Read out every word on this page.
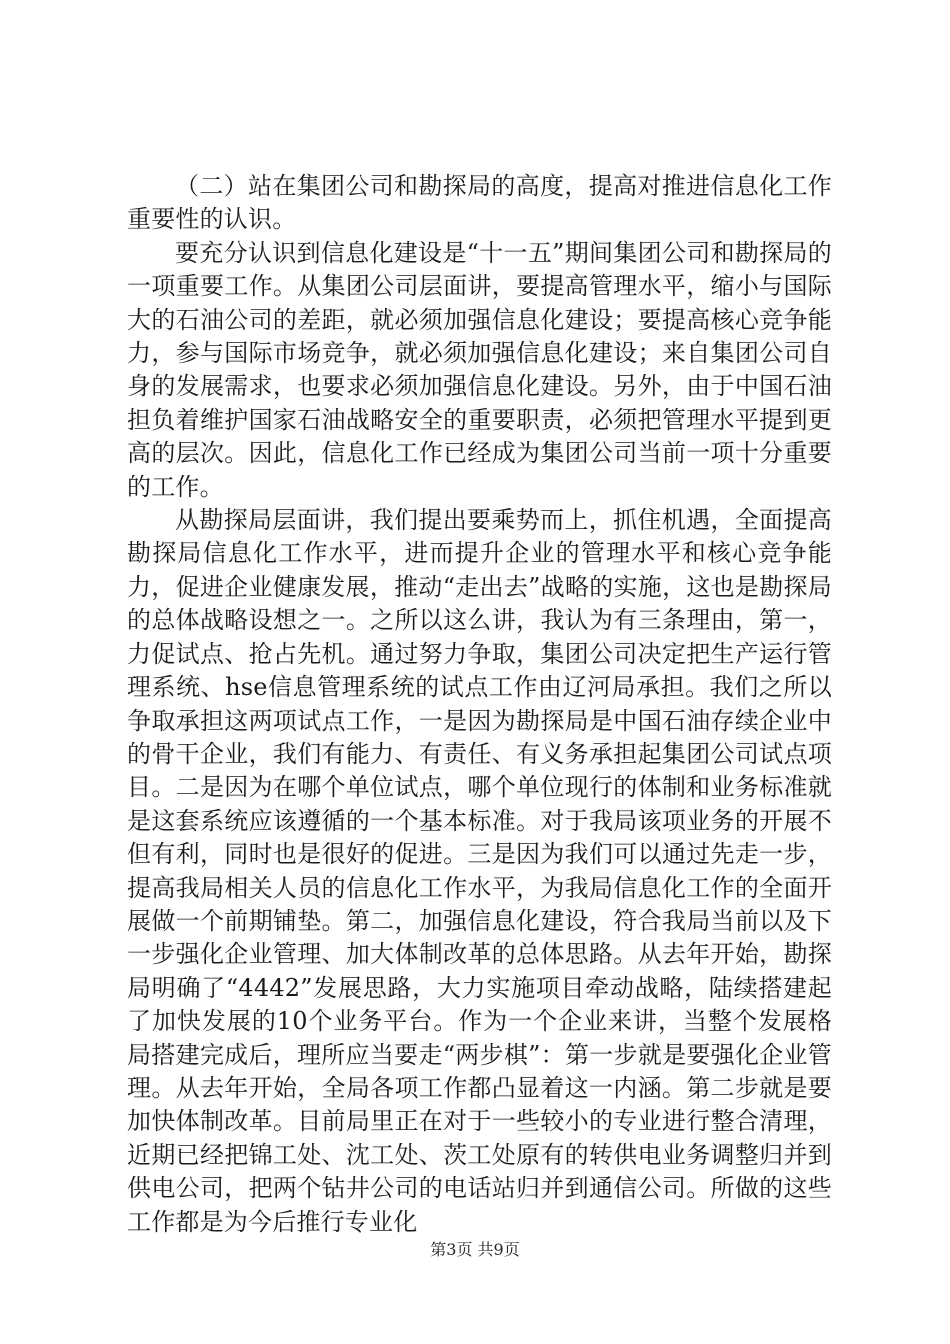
（二）站在集团公司和勘探局的高度，提高对推进信息化工作重要性的认识。

要充分认识到信息化建设是“十一五”期间集团公司和勘探局的一项重要工作。从集团公司层面讲，要提高管理水平，缩小与国际大的石油公司的差距，就必须加强信息化建设；要提高核心竞争能力，参与国际市场竞争，就必须加强信息化建设；来自集团公司自身的发展需求，也要求必须加强信息化建设。另外，由于中国石油担负着维护国家石油战略安全的重要职责，必须把管理水平提到更高的层次。因此，信息化工作已经成为集团公司当前一项十分重要的工作。

从勘探局层面讲，我们提出要乘势而上，抓住机遇，全面提高勘探局信息化工作水平，进而提升企业的管理水平和核心竞争能力，促进企业健康发展，推动“走出去”战略的实施，这也是勘探局的总体战略设想之一。之所以这么讲，我认为有三条理由，第一，力促试点、抢占先机。通过努力争取，集团公司决定把生产运行管理系统、hse信息管理系统的试点工作由辽河局承担。我们之所以争取承担这两项试点工作，一是因为勘探局是中国石油存续企业中的骨干企业，我们有能力、有责任、有义务承担起集团公司试点项目。二是因为在哪个单位试点，哪个单位现行的体制和业务标准就是这套系统应该遵循的一个基本标准。对于我局该项业务的开展不但有利，同时也是很好的促进。三是因为我们可以通过先走一步，提高我局相关人员的信息化工作水平，为我局信息化工作的全面开展做一个前期铺垫。第二，加强信息化建设，符合我局当前以及下一步强化企业管理、加大体制改革的总体思路。从去年开始，勘探局明确了“4442”发展思路，大力实施项目牵动战略，陆续搭建起了加快发展的10个业务平台。作为一个企业来讲，当整个发展格局搭建完成后，理所应当要走“两步棋”：第一步就是要强化企业管理。从去年开始，全局各项工作都凸显着这一内涵。第二步就是要加快体制改革。目前局里正在对于一些较小的专业进行整合清理，近期已经把锦工处、沈工处、茨工处原有的转供电业务调整归并到供电公司，把两个钻井公司的电话站归并到通信公司。所做的这些工作都是为今后推行专业化

第3页 共9页
